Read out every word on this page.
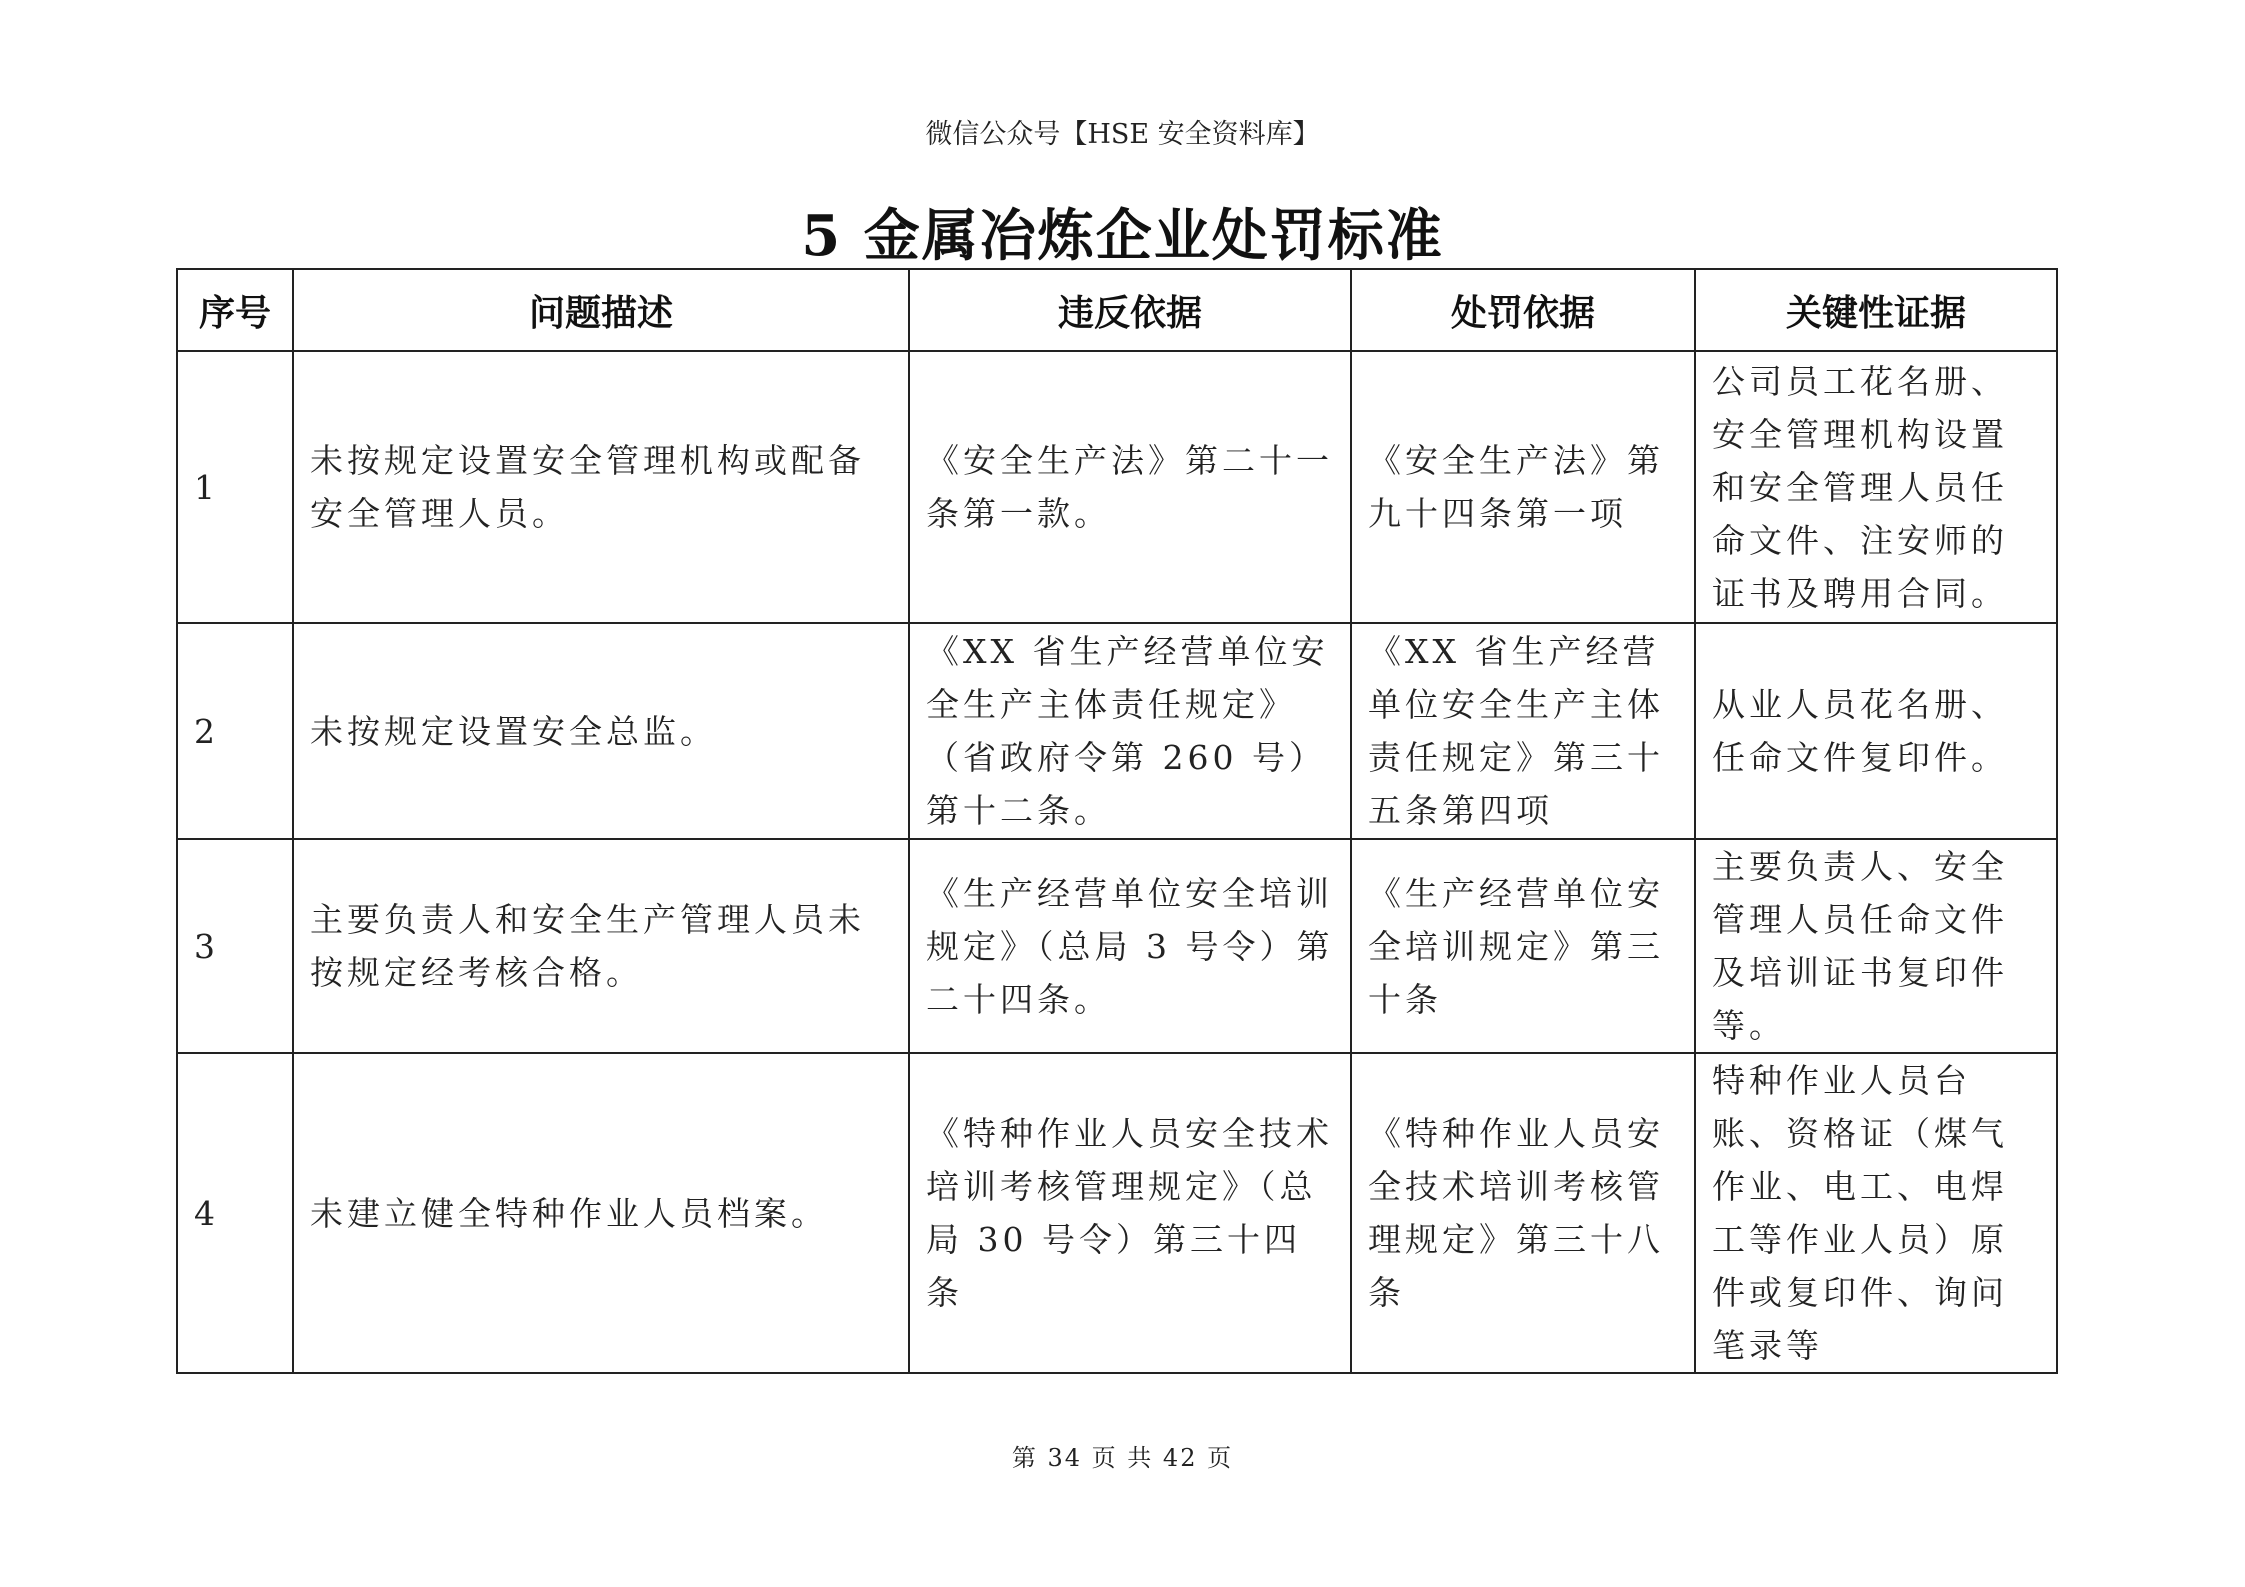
微信公众号【HSE 安全资料库】
5 金属冶炼企业处罚标准
序号	问题描述	违反依据	处罚依据	关键性证据
1	未按规定设置安全管理机构或配备安全管理人员。	《安全生产法》第二十一条第一款。	《安全生产法》第九十四条第一项	公司员工花名册、安全管理机构设置和安全管理人员任命文件、注安师的证书及聘用合同。
2	未按规定设置安全总监。	《XX 省生产经营单位安全生产主体责任规定》（省政府令第 260 号）第十二条。	《XX 省生产经营单位安全生产主体责任规定》第三十五条第四项	从业人员花名册、任命文件复印件。
3	主要负责人和安全生产管理人员未按规定经考核合格。	《生产经营单位安全培训规定》（总局 3 号令）第二十四条。	《生产经营单位安全培训规定》第三十条	主要负责人、安全管理人员任命文件及培训证书复印件等。
4	未建立健全特种作业人员档案。	《特种作业人员安全技术培训考核管理规定》（总局 30 号令）第三十四条	《特种作业人员安全技术培训考核管理规定》第三十八条	特种作业人员台账、资格证（煤气作业、电工、电焊工等作业人员）原件或复印件、询问笔录等
第 34 页 共 42 页
